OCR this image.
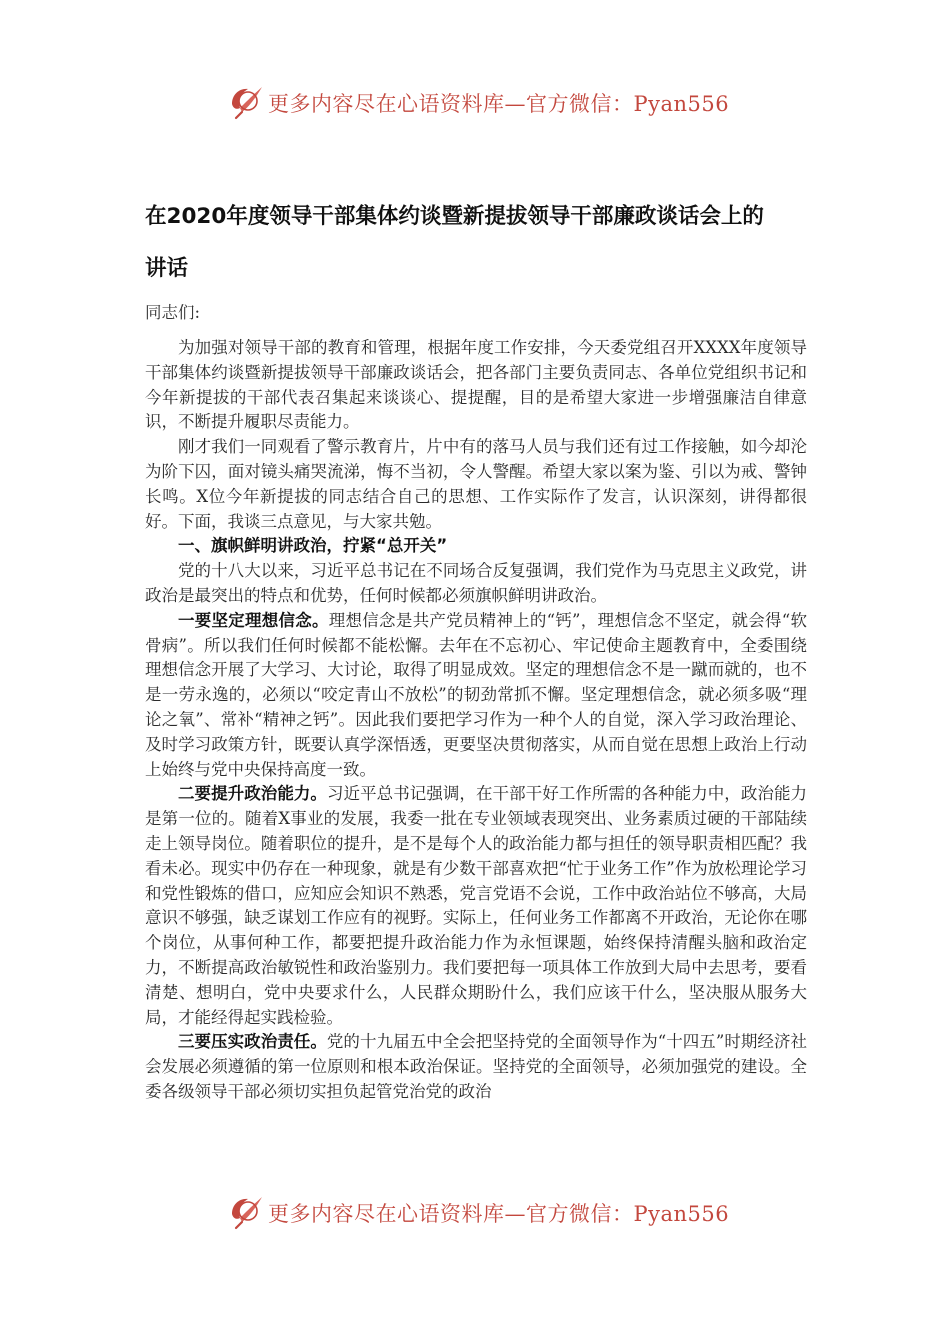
更多内容尽在心语资料库—官方微信：Pyan556
在2020年度领导干部集体约谈暨新提拔领导干部廉政谈话会上的
讲话
同志们:

为加强对领导干部的教育和管理，根据年度工作安排，今天委党组召开XXXX年度领导干部集体约谈暨新提拔领导干部廉政谈话会，把各部门主要负责同志、各单位党组织书记和今年新提拔的干部代表召集起来谈谈心、提提醒，目的是希望大家进一步增强廉洁自律意识，不断提升履职尽责能力。

刚才我们一同观看了警示教育片，片中有的落马人员与我们还有过工作接触，如今却沦为阶下囚，面对镜头痛哭流涕，悔不当初，令人警醒。希望大家以案为鉴、引以为戒、警钟长鸣。X位今年新提拔的同志结合自己的思想、工作实际作了发言，认识深刻，讲得都很好。下面，我谈三点意见，与大家共勉。

一、旗帜鲜明讲政治，拧紧“总开关”

党的十八大以来，习近平总书记在不同场合反复强调，我们党作为马克思主义政党，讲政治是最突出的特点和优势，任何时候都必须旗帜鲜明讲政治。

一要坚定理想信念。理想信念是共产党员精神上的“钙”，理想信念不坚定，就会得“软骨病”。所以我们任何时候都不能松懈。去年在不忘初心、牢记使命主题教育中，全委围绕理想信念开展了大学习、大讨论，取得了明显成效。坚定的理想信念不是一蹴而就的，也不是一劳永逸的，必须以“咬定青山不放松”的韧劲常抓不懈。坚定理想信念，就必须多吸“理论之氧”、常补“精神之钙”。因此我们要把学习作为一种个人的自觉，深入学习政治理论、及时学习政策方针，既要认真学深悟透，更要坚决贯彻落实，从而自觉在思想上政治上行动上始终与党中央保持高度一致。

二要提升政治能力。习近平总书记强调，在干部干好工作所需的各种能力中，政治能力是第一位的。随着X事业的发展，我委一批在专业领域表现突出、业务素质过硬的干部陆续走上领导岗位。随着职位的提升，是不是每个人的政治能力都与担任的领导职责相匹配？我看未必。现实中仍存在一种现象，就是有少数干部喜欢把“忙于业务工作”作为放松理论学习和党性锻炼的借口，应知应会知识不熟悉，党言党语不会说，工作中政治站位不够高，大局意识不够强，缺乏谋划工作应有的视野。实际上，任何业务工作都离不开政治，无论你在哪个岗位，从事何种工作，都要把提升政治能力作为永恒课题，始终保持清醒头脑和政治定力，不断提高政治敏锐性和政治鉴别力。我们要把每一项具体工作放到大局中去思考，要看清楚、想明白，党中央要求什么，人民群众期盼什么，我们应该干什么，坚决服从服务大局，才能经得起实践检验。

三要压实政治责任。党的十九届五中全会把坚持党的全面领导作为“十四五”时期经济社会发展必须遵循的第一位原则和根本政治保证。坚持党的全面领导，必须加强党的建设。全委各级领导干部必须切实担负起管党治党的政治

更多内容尽在心语资料库—官方微信：Pyan556
